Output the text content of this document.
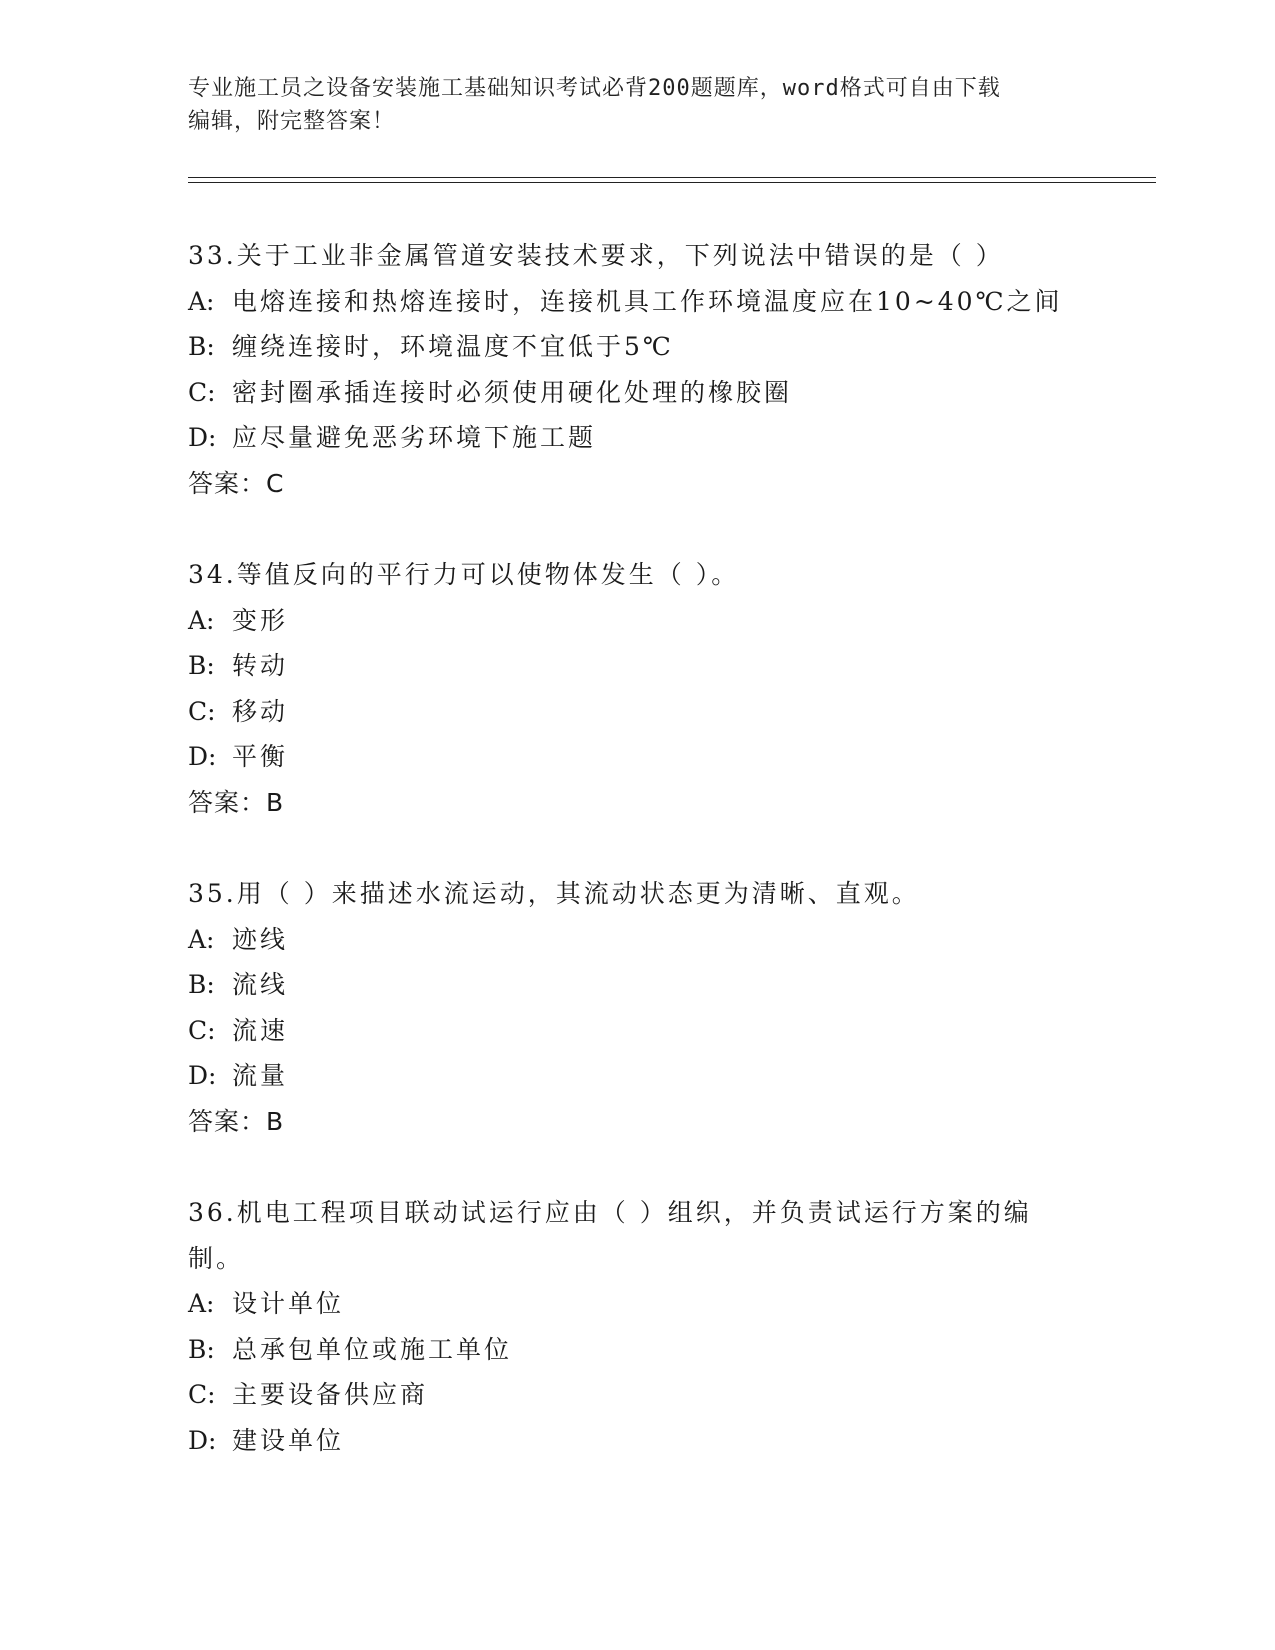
专业施工员之设备安装施工基础知识考试必背200题题库，word格式可自由下载
编辑，附完整答案！
33.关于工业非金属管道安装技术要求，下列说法中错误的是（ ）
A: 电熔连接和热熔连接时，连接机具工作环境温度应在10~40℃之间
B: 缠绕连接时，环境温度不宜低于5℃
C: 密封圈承插连接时必须使用硬化处理的橡胶圈
D: 应尽量避免恶劣环境下施工题
答案：C
34.等值反向的平行力可以使物体发生（ ）。
A: 变形
B: 转动
C: 移动
D: 平衡
答案：B
35.用（ ）来描述水流运动，其流动状态更为清晰、直观。
A: 迹线
B: 流线
C: 流速
D: 流量
答案：B
36.机电工程项目联动试运行应由（ ）组织，并负责试运行方案的编制。
A: 设计单位
B: 总承包单位或施工单位
C: 主要设备供应商
D: 建设单位
